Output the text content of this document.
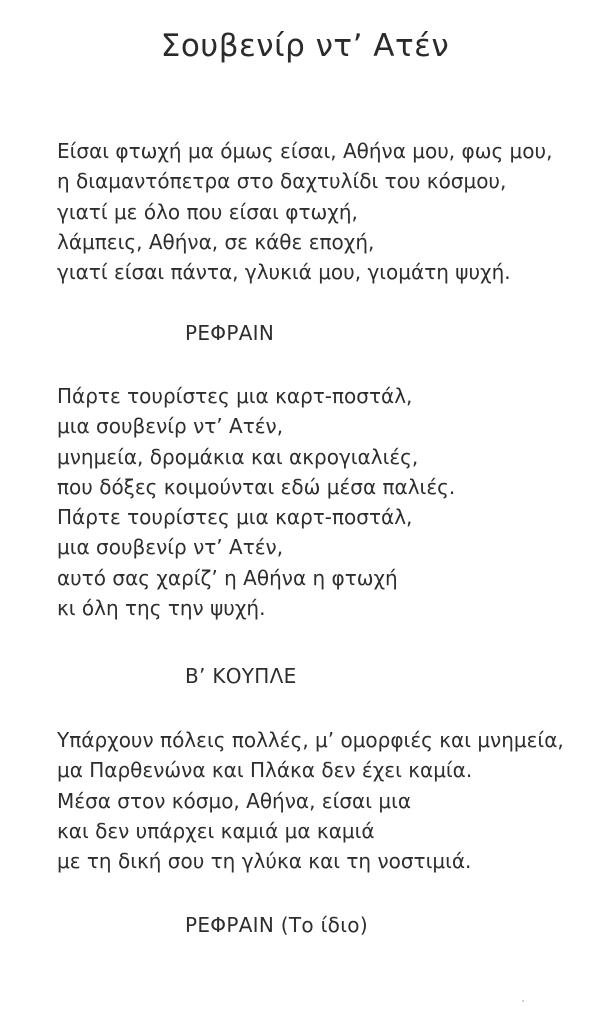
Σουβενίρ ντ’ Ατέν
Είσαι φτωχή μα όμως είσαι, Αθήνα μου, φως μου,
η διαμαντόπετρα στο δαχτυλίδι του κόσμου,
γιατί με όλο που είσαι φτωχή,
λάμπεις, Αθήνα, σε κάθε εποχή,
γιατί είσαι πάντα, γλυκιά μου, γιομάτη ψυχή.
ΡΕΦΡΑΙΝ
Πάρτε τουρίστες μια καρτ-ποστάλ,
μια σουβενίρ ντ’ Ατέν,
μνημεία, δρομάκια και ακρογιαλιές,
που δόξες κοιμούνται εδώ μέσα παλιές.
Πάρτε τουρίστες μια καρτ-ποστάλ,
μια σουβενίρ ντ’ Ατέν,
αυτό σας χαρίζ’ η Αθήνα η φτωχή
κι όλη της την ψυχή.
Β’ ΚΟΥΠΛΕ
Υπάρχουν πόλεις πολλές, μ’ ομορφιές και μνημεία,
μα Παρθενώνα και Πλάκα δεν έχει καμία.
Μέσα στον κόσμο, Αθήνα, είσαι μια
και δεν υπάρχει καμιά μα καμιά
με τη δική σου τη γλύκα και τη νοστιμιά.
ΡΕΦΡΑΙΝ (Το ίδιο)
